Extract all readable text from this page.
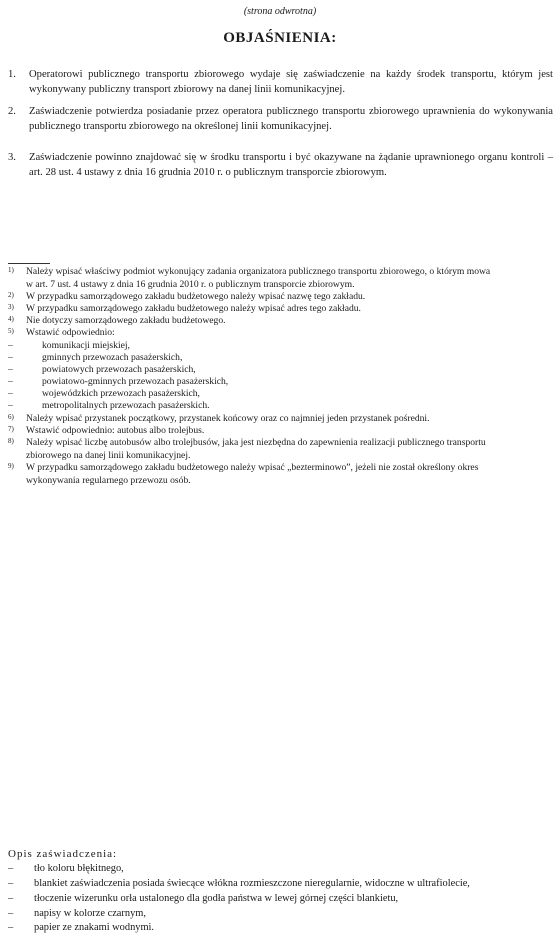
(strona odwrotna)
OBJAŚNIENIA:
1. Operatorowi publicznego transportu zbiorowego wydaje się zaświadczenie na każdy środek transportu, którym jest wykonywany publiczny transport zbiorowy na danej linii komunikacyjnej.
2. Zaświadczenie potwierdza posiadanie przez operatora publicznego transportu zbiorowego uprawnienia do wykonywania publicznego transportu zbiorowego na określonej linii komunikacyjnej.
3. Zaświadczenie powinno znajdować się w środku transportu i być okazywane na żądanie uprawnionego organu kontroli – art. 28 ust. 4 ustawy z dnia 16 grudnia 2010 r. o publicznym transporcie zbiorowym.
1) Należy wpisać właściwy podmiot wykonujący zadania organizatora publicznego transportu zbiorowego, o którym mowa
w art. 7 ust. 4 ustawy z dnia 16 grudnia 2010 r. o publicznym transporcie zbiorowym.
2) W przypadku samorządowego zakładu budżetowego należy wpisać nazwę tego zakładu.
3) W przypadku samorządowego zakładu budżetowego należy wpisać adres tego zakładu.
4) Nie dotyczy samorządowego zakładu budżetowego.
5) Wstawić odpowiednio:
–	komunikacji miejskiej,
–	gminnych przewozach pasażerskich,
–	powiatowych przewozach pasażerskich,
–	powiatowo-gminnych przewozach pasażerskich,
–	wojewódzkich przewozach pasażerskich,
–	metropolitalnych przewozach pasażerskich.
6) Należy wpisać przystanek początkowy, przystanek końcowy oraz co najmniej jeden przystanek pośredni.
7) Wstawić odpowiednio: autobus albo trolejbus.
8) Należy wpisać liczbę autobusów albo trolejbusów, jaka jest niezbędna do zapewnienia realizacji publicznego transportu
zbiorowego na danej linii komunikacyjnej.
9) W przypadku samorządowego zakładu budżetowego należy wpisać „bezterminowo”, jeżeli nie został określony okres
wykonywania regularnego przewozu osób.
Opis zaświadczenia:
– tło koloru błękitnego,
– blankiet zaświadczenia posiada świecące włókna rozmieszczone nieregularnie, widoczne w ultrafiolecie,
– tłoczenie wizerunku orła ustalonego dla godła państwa w lewej górnej części blankietu,
– napisy w kolorze czarnym,
– papier ze znakami wodnymi.
